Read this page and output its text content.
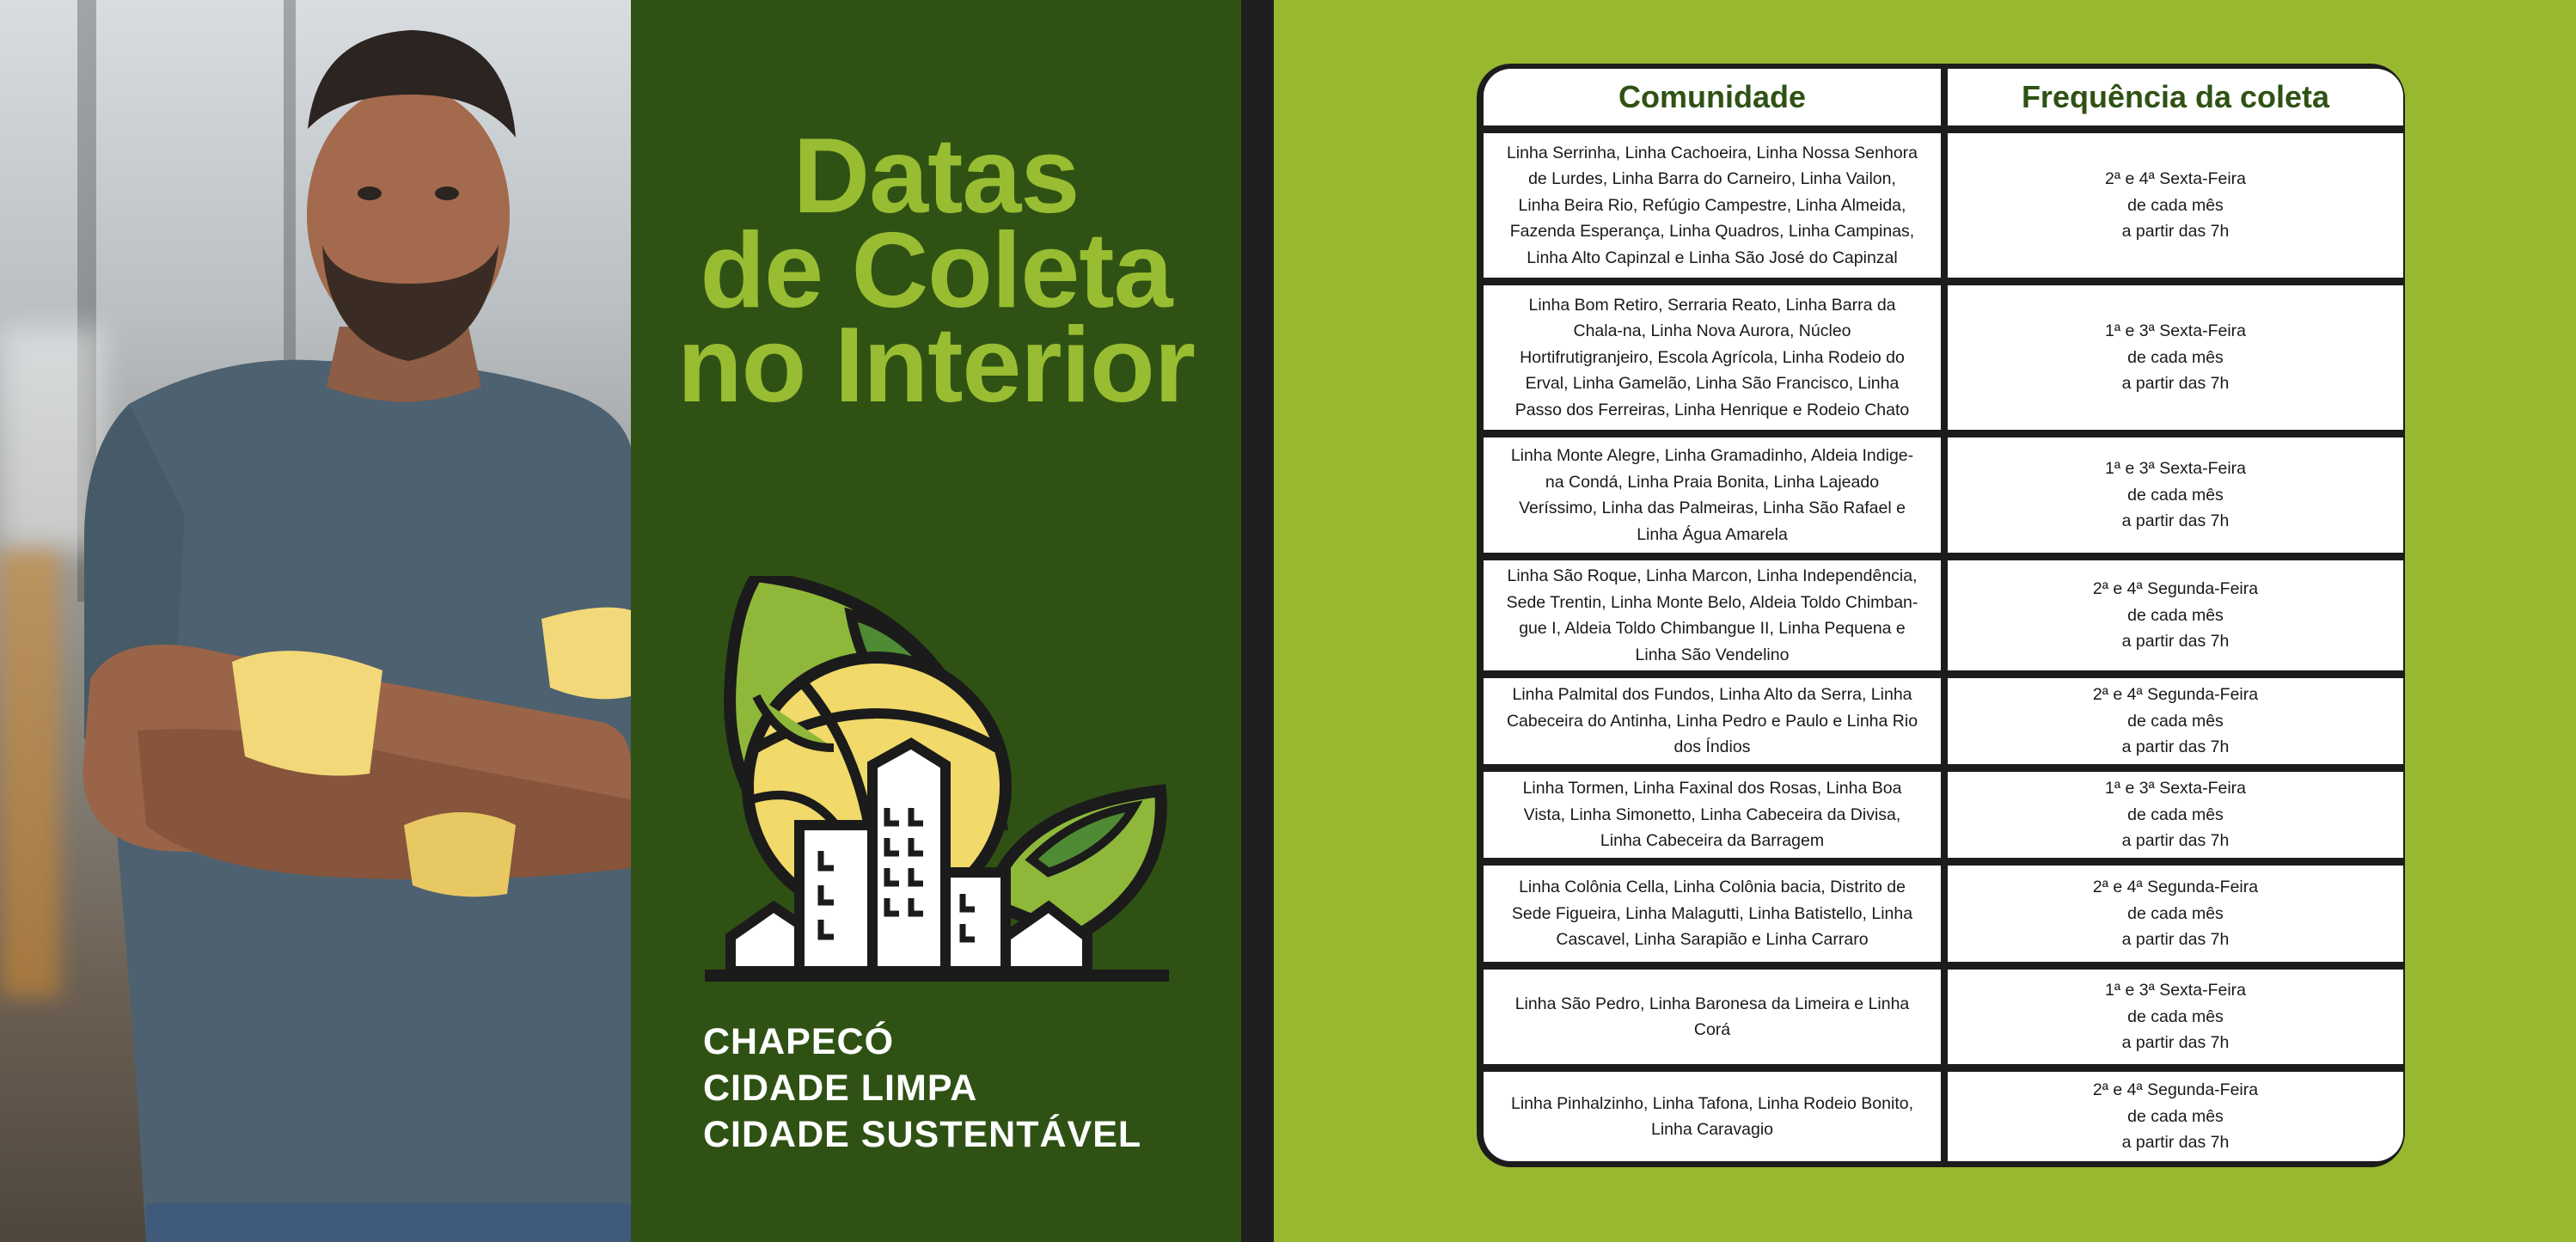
Datas
de Coleta
no Interior
CHAPECÓ
CIDADE LIMPA
CIDADE SUSTENTÁVEL
Comunidade	Frequência da coleta
Linha Serrinha, Linha Cachoeira, Linha Nossa Senhora de Lurdes, Linha Barra do Carneiro, Linha Vailon, Linha Beira Rio, Refúgio Campestre, Linha Almeida, Fazenda Esperança, Linha Quadros, Linha Campinas, Linha Alto Capinzal e Linha São José do Capinzal
2ª e 4ª Sexta-Feira
de cada mês
a partir das 7h
Linha Bom Retiro, Serraria Reato, Linha Barra da Chala-na, Linha Nova Aurora, Núcleo Hortifrutigranjeiro, Escola Agrícola, Linha Rodeio do Erval, Linha Gamelão, Linha São Francisco, Linha Passo dos Ferreiras, Linha Henrique e Rodeio Chato
1ª e 3ª Sexta-Feira
de cada mês
a partir das 7h
Linha Monte Alegre, Linha Gramadinho, Aldeia Indige-na Condá, Linha Praia Bonita, Linha Lajeado Veríssimo, Linha das Palmeiras, Linha São Rafael e Linha Água Amarela
1ª e 3ª Sexta-Feira
de cada mês
a partir das 7h
Linha São Roque, Linha Marcon, Linha Independência, Sede Trentin, Linha Monte Belo, Aldeia Toldo Chimban-gue I, Aldeia Toldo Chimbangue II, Linha Pequena e Linha São Vendelino
2ª e 4ª Segunda-Feira
de cada mês
a partir das 7h
Linha Palmital dos Fundos, Linha Alto da Serra, Linha Cabeceira do Antinha, Linha Pedro e Paulo e Linha Rio dos Índios
2ª e 4ª Segunda-Feira
de cada mês
a partir das 7h
Linha Tormen, Linha Faxinal dos Rosas, Linha Boa Vista, Linha Simonetto, Linha Cabeceira da Divisa, Linha Cabeceira da Barragem
1ª e 3ª Sexta-Feira
de cada mês
a partir das 7h
Linha Colônia Cella, Linha Colônia bacia, Distrito de Sede Figueira, Linha Malagutti, Linha Batistello, Linha Cascavel, Linha Sarapião e Linha Carraro
2ª e 4ª Segunda-Feira
de cada mês
a partir das 7h
Linha São Pedro, Linha Baronesa da Limeira e Linha Corá
1ª e 3ª Sexta-Feira
de cada mês
a partir das 7h
Linha Pinhalzinho, Linha Tafona, Linha Rodeio Bonito, Linha Caravagio
2ª e 4ª Segunda-Feira
de cada mês
a partir das 7h
